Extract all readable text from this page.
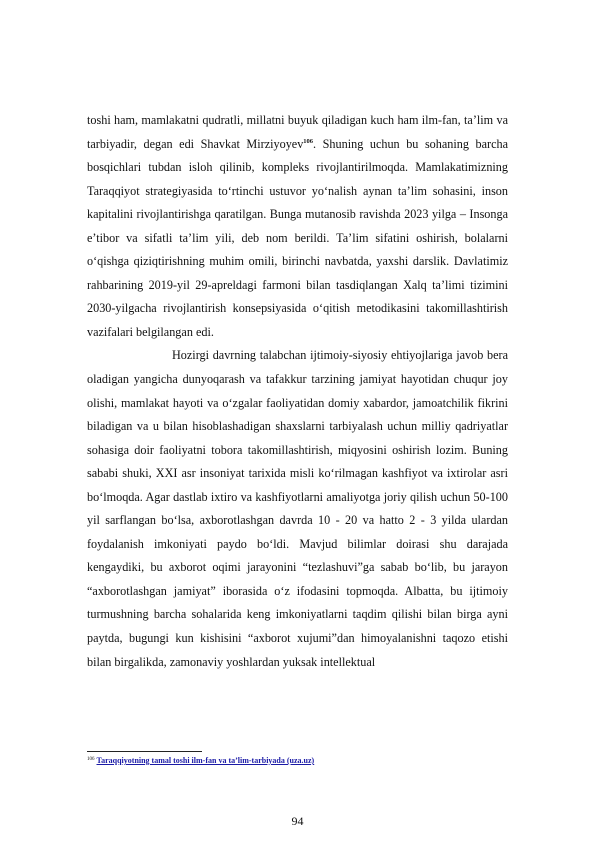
toshi ham, mamlakatni qudratli, millatni buyuk qiladigan kuch ham ilm-fan, ta’lim va tarbiyadir, degan edi Shavkat Mirziyoyev$^{106}$. Shuning uchun bu sohaning barcha bosqichlari tubdan isloh qilinib, kompleks rivojlantirilmoqda. Mamlakatimizning Taraqqiyot strategiyasida to‘rtinchi ustuvor yo‘nalish aynan ta’lim sohasini, inson kapitalini rivojlantirishga qaratilgan. Bunga mutanosib ravishda 2023 yilga – Insonga e’tibor va sifatli ta’lim yili, deb nom berildi. Ta’lim sifatini oshirish, bolalarni o‘qishga qiziqtirishning muhim omili, birinchi navbatda, yaxshi darslik. Davlatimiz rahbarining 2019-yil 29-apreldagi farmoni bilan tasdiqlangan Xalq ta’limi tizimini 2030-yilgacha rivojlantirish konsepsiyasida o‘qitish metodikasini takomillashtirish vazifalari belgilangan edi.

Hozirgi davrning talabchan ijtimoiy-siyosiy ehtiyojlariga javob bera oladigan yangicha dunyoqarash va tafakkur tarzining jamiyat hayotidan chuqur joy olishi, mamlakat hayoti va o‘zgalar faoliyatidan domiy xabardor, jamoatchilik fikrini biladigan va u bilan hisoblashadigan shaxslarni tarbiyalash uchun milliy qadriyatlar sohasiga doir faoliyatni tobora takomillashtirish, miqyosini oshirish lozim. Buning sababi shuki, XXI asr insoniyat tarixida misli ko‘rilmagan kashfiyot va ixtirolar asri bo‘lmoqda. Agar dastlab ixtiro va kashfiyotlarni amaliyotga joriy qilish uchun 50-100 yil sarflangan bo‘lsa, axborotlashgan davrda 10 - 20 va hatto 2 - 3 yilda ulardan foydalanish imkoniyati paydo bo‘ldi. Mavjud bilimlar doirasi shu darajada kengaydiki, bu axborot oqimi jarayonini “tezlashuvi”ga sabab bo‘lib, bu jarayon “axborotlashgan jamiyat” iborasida o‘z ifodasini topmoqda. Albatta, bu ijtimoiy turmushning barcha sohalarida keng imkoniyatlarni taqdim qilishi bilan birga ayni paytda, bugungi kun kishisini “axborot xujumi”dan himoyalanishni taqozo etishi bilan birgalikda, zamonaviy yoshlardan yuksak intellektual

$^{106}$ Taraqqiyotning tamal toshi ilm-fan va ta’lim-tarbiyada (uza.uz)
94
